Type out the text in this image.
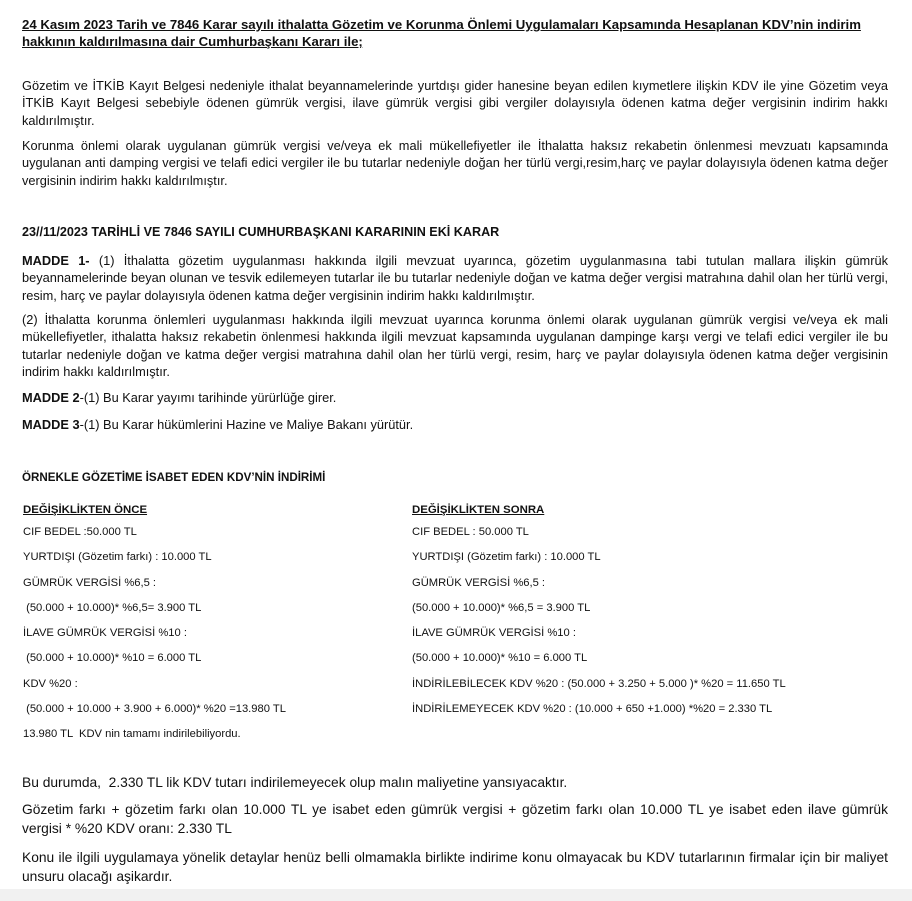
24 Kasım 2023 Tarih ve 7846 Karar sayılı ithalatta Gözetim ve Korunma Önlemi Uygulamaları Kapsamında Hesaplanan KDV’nin indirim hakkının kaldırılmasına dair Cumhurbaşkanı Kararı ile;

Gözetim ve İTKİB Kayıt Belgesi nedeniyle ithalat beyannamelerinde yurtdışı gider hanesine beyan edilen kıymetlere ilişkin KDV ile yine Gözetim veya İTKİB Kayıt Belgesi sebebiyle ödenen gümrük vergisi, ilave gümrük vergisi gibi vergiler dolayısıyla ödenen katma değer vergisinin indirim hakkı kaldırılmıştır.

Korunma önlemi olarak uygulanan gümrük vergisi ve/veya ek mali mükellefiyetler ile İthalatta haksız rekabetin önlenmesi mevzuatı kapsamında uygulanan anti damping vergisi ve telafi edici vergiler ile bu tutarlar nedeniyle doğan her türlü vergi,resim,harç ve paylar dolayısıyla ödenen katma değer vergisinin indirim hakkı kaldırılmıştır.

23//11/2023 TARİHLİ VE 7846 SAYILI CUMHURBAŞKANI KARARININ EKİ KARAR

MADDE 1- (1) İthalatta gözetim uygulanması hakkında ilgili mevzuat uyarınca, gözetim uygulanmasına tabi tutulan mallara ilişkin gümrük beyannamelerinde beyan olunan ve tesvik edilemeyen tutarlar ile bu tutarlar nedeniyle doğan ve katma değer vergisi matrahına dahil olan her türlü vergi, resim, harç ve paylar dolayısıyla ödenen katma değer vergisinin indirim hakkı kaldırılmıştır.

(2) İthalatta korunma önlemleri uygulanması hakkında ilgili mevzuat uyarınca korunma önlemi olarak uygulanan gümrük vergisi ve/veya ek mali mükellefiyetler, ithalatta haksız rekabetin önlenmesi hakkında ilgili mevzuat kapsamında uygulanan dampinge karşı vergi ve telafi edici vergiler ile bu tutarlar nedeniyle doğan ve katma değer vergisi matrahına dahil olan her türlü vergi, resim, harç ve paylar dolayısıyla ödenen katma değer vergisinin indirim hakkı kaldırılmıştır.

MADDE 2-(1) Bu Karar yayımı tarihinde yürürlüğe girer.

MADDE 3-(1) Bu Karar hükümlerini Hazine ve Maliye Bakanı yürütür.

ÖRNEKLE GÖZETİME İSABET EDEN KDV’NİN İNDİRİMİ

DEĞİŞİKLİKTEN ÖNCE
CIF BEDEL :50.000 TL
YURTDIŞI (Gözetim farkı) : 10.000 TL
GÜMRÜK VERGİSİ %6,5 :
(50.000 + 10.000)* %6,5= 3.900 TL
İLAVE GÜMRÜK VERGİSİ %10 :
(50.000 + 10.000)* %10 = 6.000 TL
KDV %20 :
(50.000 + 10.000 + 3.900 + 6.000)* %20 =13.980 TL
13.980 TL  KDV nin tamamı indirilebiliyordu.
DEĞİŞİKLİKTEN SONRA
CIF BEDEL : 50.000 TL
YURTDIŞI (Gözetim farkı) : 10.000 TL
GÜMRÜK VERGİSİ %6,5 :
(50.000 + 10.000)* %6,5 = 3.900 TL
İLAVE GÜMRÜK VERGİSİ %10 :
(50.000 + 10.000)* %10 = 6.000 TL
İNDİRİLEBİLECEK KDV %20 : (50.000 + 3.250 + 5.000 )* %20 = 11.650 TL
İNDİRİLEMEYECEK KDV %20 : (10.000 + 650 +1.000) *%20 = 2.330 TL

Bu durumda,  2.330 TL lik KDV tutarı indirilemeyecek olup malın maliyetine yansıyacaktır.

Gözetim farkı + gözetim farkı olan 10.000 TL ye isabet eden gümrük vergisi + gözetim farkı olan 10.000 TL ye isabet eden ilave gümrük vergisi * %20 KDV oranı: 2.330 TL

Konu ile ilgili uygulamaya yönelik detaylar henüz belli olmamakla birlikte indirime konu olmayacak bu KDV tutarlarının firmalar için bir maliyet unsuru olacağı aşikardır.
